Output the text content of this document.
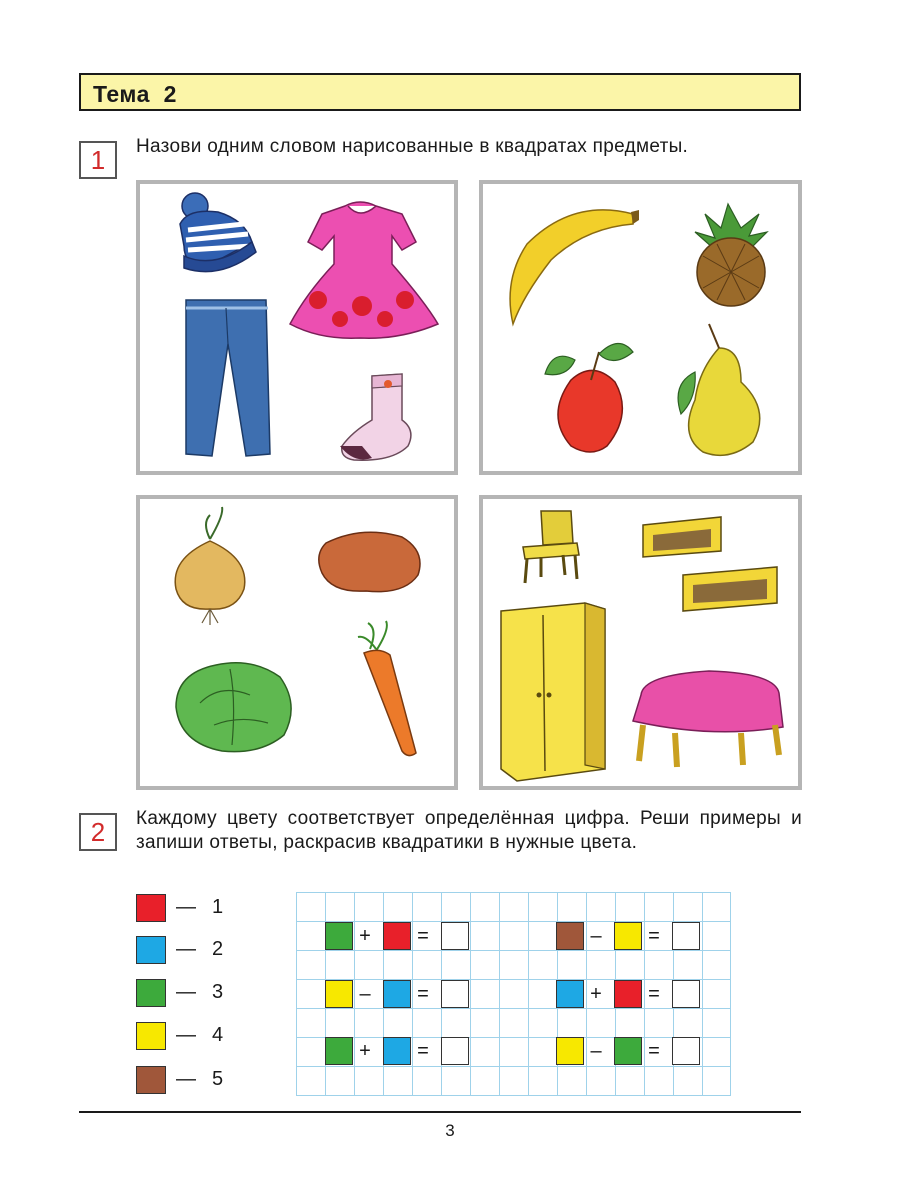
Тема  2
1	Назови одним словом нарисованные в квадратах предметы.
2	Каждому цвету соответствует определённая цифра. Реши примеры и запиши ответы, раскрасив квадратики в нужные цвета.
— 1
— 2
— 3
— 4
— 5
+ =
– =
+ =
– =
+ =
– =
3
